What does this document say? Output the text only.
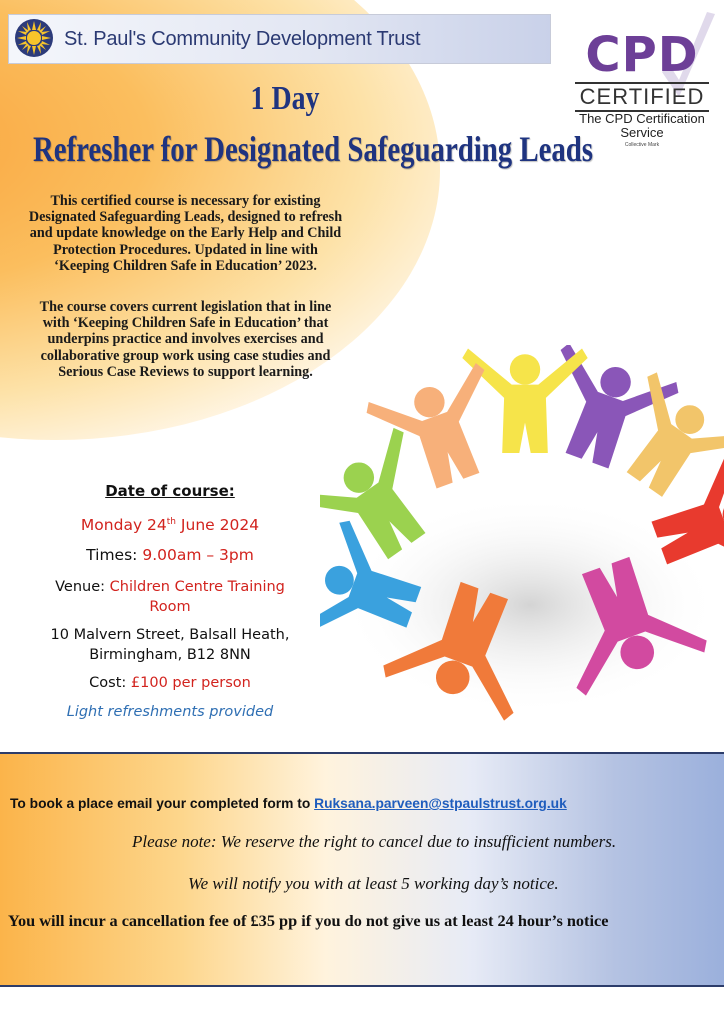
St. Paul's Community Development Trust	CPD
CERTIFIED
The CPD Certification Service
Collective Mark
1 Day
Refresher for Designated Safeguarding Leads

This certified course is necessary for existing
Designated Safeguarding Leads, designed to refresh
and update knowledge on the Early Help and Child
Protection Procedures. Updated in line with
‘Keeping Children Safe in Education’ 2023.

The course covers current legislation that in line
with ‘Keeping Children Safe in Education’ that
underpins practice and involves exercises and
collaborative group work using case studies and
Serious Case Reviews to support learning.

Date of course:
Monday 24th June 2024
Times: 9.00am – 3pm
Venue: Children Centre Training
Room
10 Malvern Street, Balsall Heath,
Birmingham, B12 8NN
Cost: £100 per person
Light refreshments provided
To book a place email your completed form to Ruksana.parveen@stpaulstrust.org.uk
Please note: We reserve the right to cancel due to insufficient numbers.
We will notify you with at least 5 working day’s notice.
You will incur a cancellation fee of £35 pp if you do not give us at least 24 hour’s notice
